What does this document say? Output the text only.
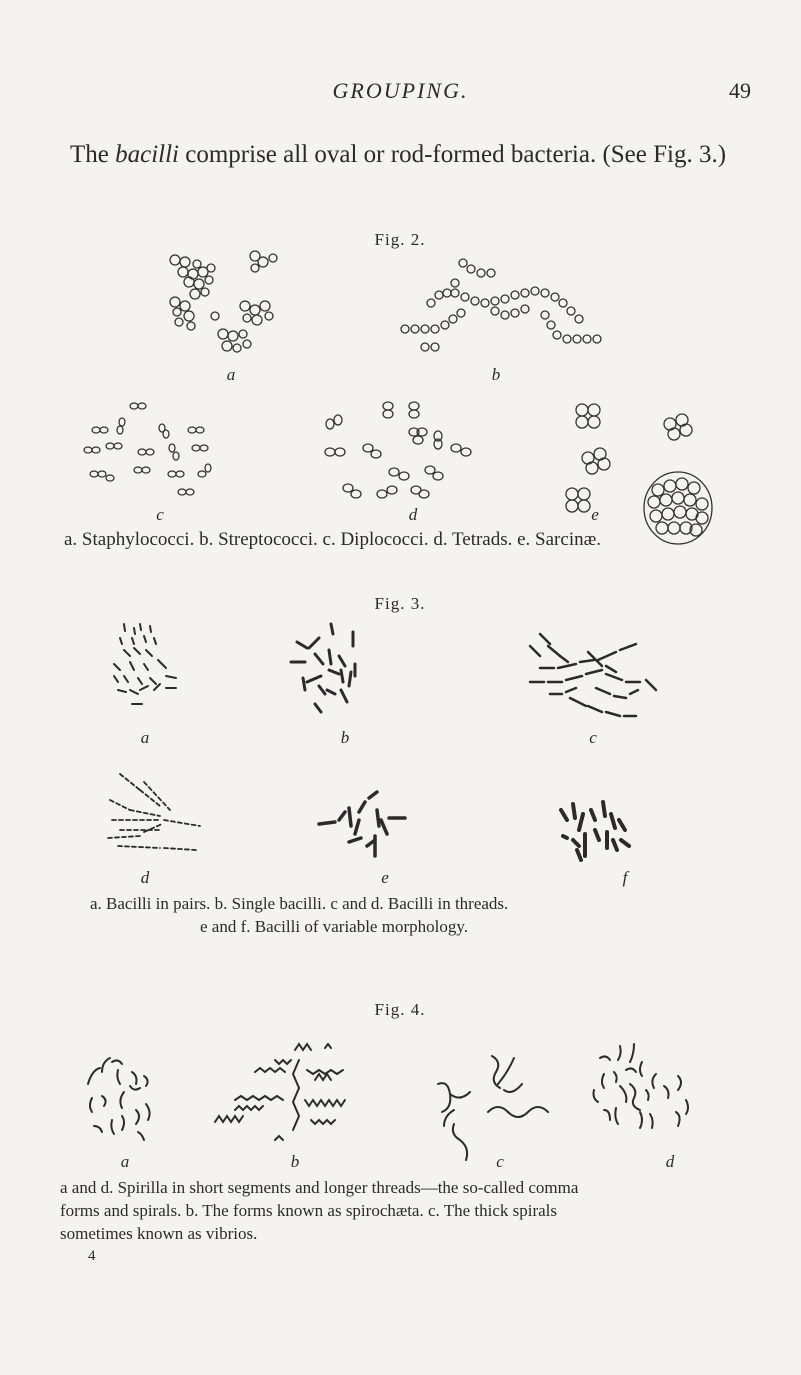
GROUPING.	49
The bacilli comprise all oval or rod-formed bacteria. (See Fig. 3.)
Fig. 2.
a	b
c	d	e
a. Staphylococci. b. Streptococci. c. Diplococci. d. Tetrads. e. Sarcinæ.
Fig. 3.
a	b	c
d	e	f
a. Bacilli in pairs. b. Single bacilli. c and d. Bacilli in threads.
e and f. Bacilli of variable morphology.
Fig. 4.
a	b	c	d
a and d. Spirilla in short segments and longer threads—the so-called comma
forms and spirals. b. The forms known as spirochæta. c. The thick spirals
sometimes known as vibrios.
4
